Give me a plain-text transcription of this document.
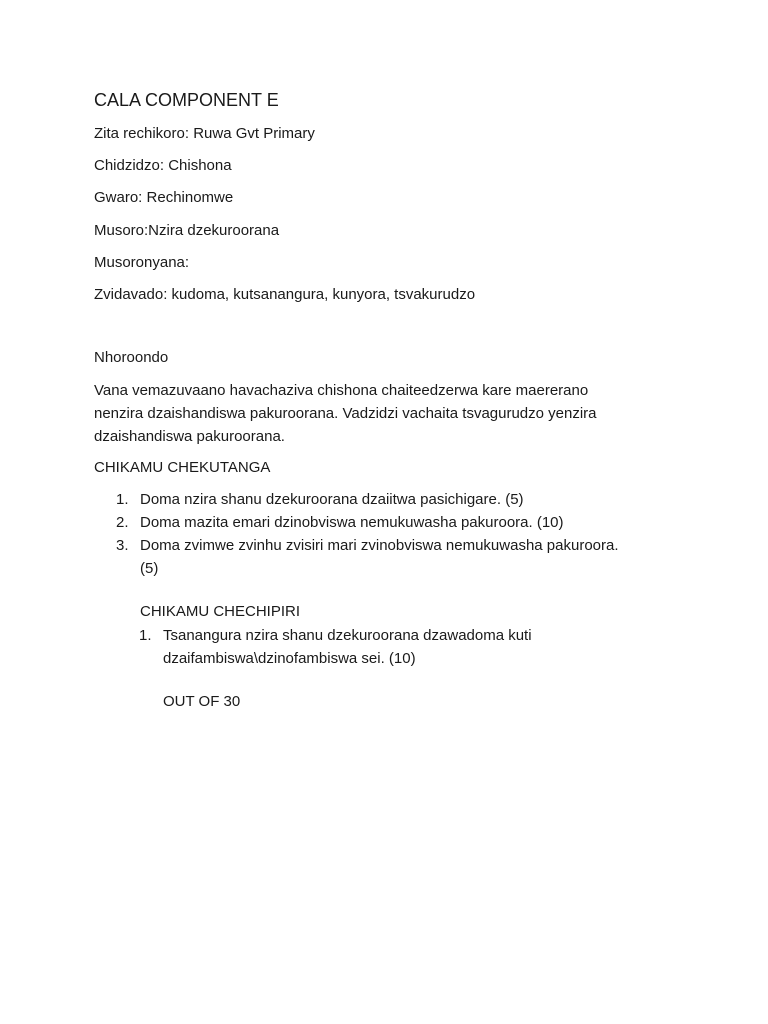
CALA COMPONENT E
Zita rechikoro: Ruwa Gvt Primary
Chidzidzo: Chishona
Gwaro: Rechinomwe
Musoro:Nzira dzekuroorana
Musoronyana:
Zvidavado: kudoma, kutsanangura, kunyora, tsvakurudzo
Nhoroondo
Vana vemazuvaano havachaziva chishona chaiteedzerwa kare maererano
nenzira dzaishandiswa pakuroorana. Vadzidzi vachaita tsvagurudzo yenzira
dzaishandiswa pakuroorana.
CHIKAMU CHEKUTANGA
1. Doma nzira shanu dzekuroorana dzaiitwa pasichigare. (5)
2. Doma mazita emari dzinobviswa nemukuwasha pakuroora. (10)
3. Doma zvimwe zvinhu zvisiri mari zvinobviswa nemukuwasha pakuroora.
(5)
CHIKAMU CHECHIPIRI
1. Tsanangura nzira shanu dzekuroorana dzawadoma kuti
dzaifambiswa\dzinofambiswa sei. (10)
OUT OF 30
